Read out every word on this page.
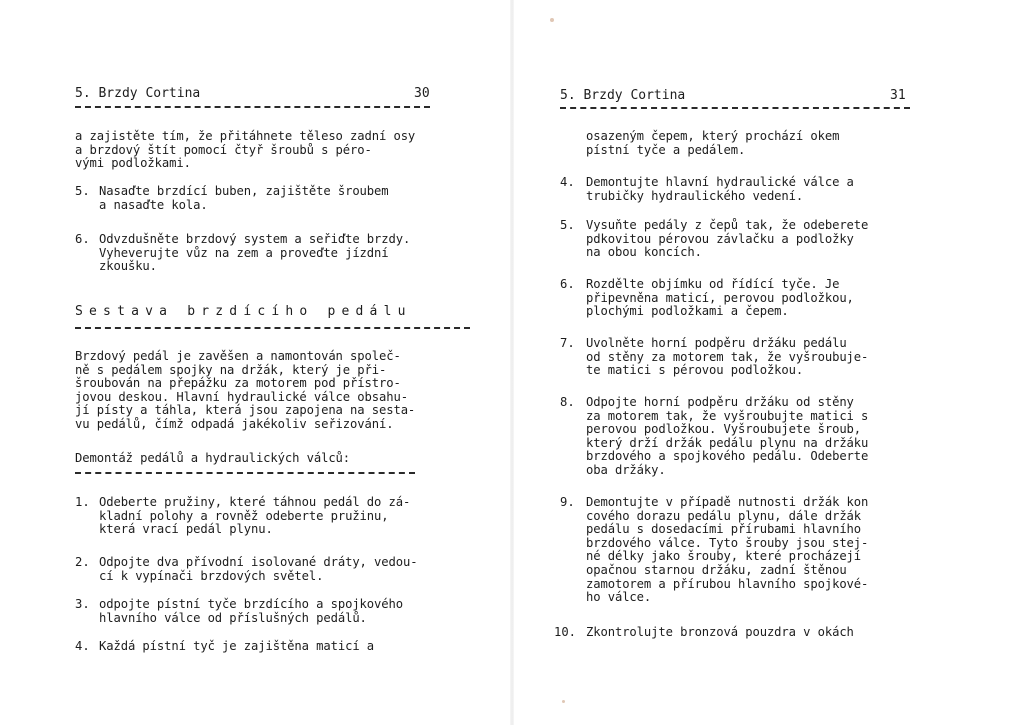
5. Brzdy Cortina	30
a zajistěte tím, že přitáhnete těleso zadní osy
a brzdový štít pomocí čtyř šroubů s péro-
vými podložkami.
5. Nasaďte brzdící buben, zajištěte šroubem
a nasaďte kola.
6. Odvzdušněte brzdový system a seřiďte brzdy.
Vyheverujte vůz na zem a proveďte jízdní
zkoušku.
Sestava brzdícího pedálu
Brzdový pedál je zavěšen a namontován společ-
ně s pedálem spojky na držák, který je při-
šroubován na přepážku za motorem pod přístro-
jovou deskou. Hlavní hydraulické válce obsahu-
jí písty a táhla, která jsou zapojena na sesta-
vu pedálů, čímž odpadá jakékoliv seřizování.
Demontáž pedálů a hydraulických válců:
1. Odeberte pružiny, které táhnou pedál do zá-
kladní polohy a rovněž odeberte pružinu,
která vrací pedál plynu.
2. Odpojte dva přívodní isolované dráty, vedou-
cí k vypínači brzdových světel.
3. odpojte pístní tyče brzdícího a spojkového
hlavního válce od příslušných pedálů.
4. Každá pístní tyč je zajištěna maticí a
5. Brzdy Cortina	31
osazeným čepem, který prochází okem
pístní tyče a pedálem.
4. Demontujte hlavní hydraulické válce a
trubičky hydraulického vedení.
5. Vysuňte pedály z čepů tak, že odeberete
pdkovitou pérovou závlačku a podložky
na obou koncích.
6. Rozdělte objímku od řídící tyče. Je
připevněna maticí, perovou podložkou,
plochými podložkami a čepem.
7. Uvolněte horní podpěru držáku pedálu
od stěny za motorem tak, že vyšroubuje-
te matici s pérovou podložkou.
8. Odpojte horní podpěru držáku od stěny
za motorem tak, že vyšroubujte matici s
perovou podložkou. Vyšroubujete šroub,
který drží držák pedálu plynu na držáku
brzdového a spojkového pedálu. Odeberte
oba držáky.
9. Demontujte v případě nutnosti držák kon
cového dorazu pedálu plynu, dále držák
pedálu s dosedacími přírubami hlavního
brzdového válce. Tyto šrouby jsou stej-
né délky jako šrouby, které procházejí
opačnou starnou držáku, zadní štěnou
zamotorem a přírubou hlavního spojkové-
ho válce.
10. Zkontrolujte bronzová pouzdra v okách
